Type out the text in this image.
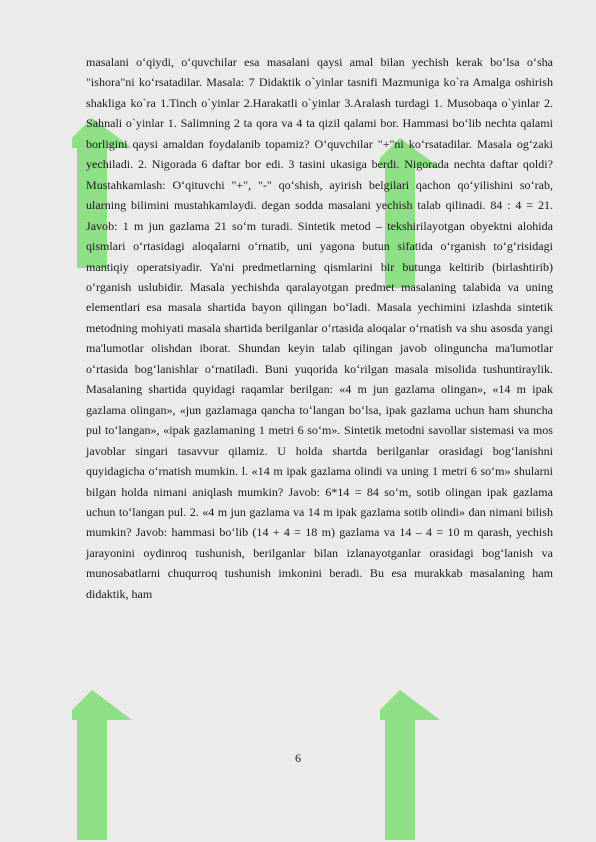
masalani o‘qiydi, o‘quvchilar esa masalani qaysi amal bilan yechish kerak bo‘lsa o‘sha "ishora"ni ko‘rsatadilar. Masala: 7 Didaktik o`yinlar tasnifi Mazmuniga ko`ra Amalga oshirish shakliga ko`ra 1.Tinch o`yinlar 2.Harakatli o`yinlar 3.Aralash turdagi 1. Musobaqa o`yinlar 2. Sahnali o`yinlar 1. Salimning 2 ta qora va 4 ta qizil qalami bor. Hammasi bo‘lib nechta qalami borligini qaysi amaldan foydalanib topamiz? O‘quvchilar "+"ni ko‘rsatadilar. Masala og‘zaki yechiladi. 2. Nigorada 6 daftar bor edi. 3 tasini ukasiga berdi. Nigorada nechta daftar qoldi? Mustahkamlash: O‘qituvchi "+", "-" qo‘shish, ayirish belgilari qachon qo‘yilishini so‘rab, ularning bilimini mustahkamlaydi. degan sodda masalani yechish talab qilinadi. 84 : 4 = 21. Javob: 1 m jun gazlama 21 so‘m turadi. Sintetik metod – tekshirilayotgan obyektni alohida qismlari o‘rtasidagi aloqalarni o‘rnatib, uni yagona butun sifatida o‘rganish to‘g‘risidagi mantiqiy operatsiyadir. Ya'ni predmetlarning qismlarini bir butunga keltirib (birlashtirib) o‘rganish uslubidir. Masala yechishda qaralayotgan predmet masalaning talabida va uning elementlari esa masala shartida bayon qilingan bo‘ladi. Masala yechimini izlashda sintetik metodning mohiyati masala shartida berilganlar o‘rtasida aloqalar o‘rnatish va shu asosda yangi ma'lumotlar olishdan iborat. Shundan keyin talab qilingan javob olinguncha ma'lumotlar o‘rtasida bog‘lanishlar o‘rnatiladi. Buni yuqorida ko‘rilgan masala misolida tushuntiraylik. Masalaning shartida quyidagi raqamlar berilgan: «4 m jun gazlama olingan», «14 m ipak gazlama olingan», «jun gazlamaga qancha to‘langan bo‘lsa, ipak gazlama uchun ham shuncha pul to‘langan», «ipak gazlamaning 1 metri 6 so‘m». Sintetik metodni savollar sistemasi va mos javoblar singari tasavvur qilamiz. U holda shartda berilganlar orasidagi bog‘lanishni quyidagicha o‘rnatish mumkin. l. «14 m ipak gazlama olindi va uning 1 metri 6 so‘m» shularni bilgan holda nimani aniqlash mumkin? Javob: 6*14 = 84 so‘m, sotib olingan ipak gazlama uchun to‘langan pul. 2. «4 m jun gazlama va 14 m ipak gazlama sotib olindi» dan nimani bilish mumkin? Javob: hammasi bo‘lib (14 + 4 = 18 m) gazlama va 14 – 4 = 10 m qarash, yechish jarayonini oydinroq tushunish, berilganlar bilan izlanayotganlar orasidagi bog‘lanish va munosabatlarni chuqurroq tushunish imkonini beradi. Bu esa murakkab masalaning ham didaktik, ham

6
